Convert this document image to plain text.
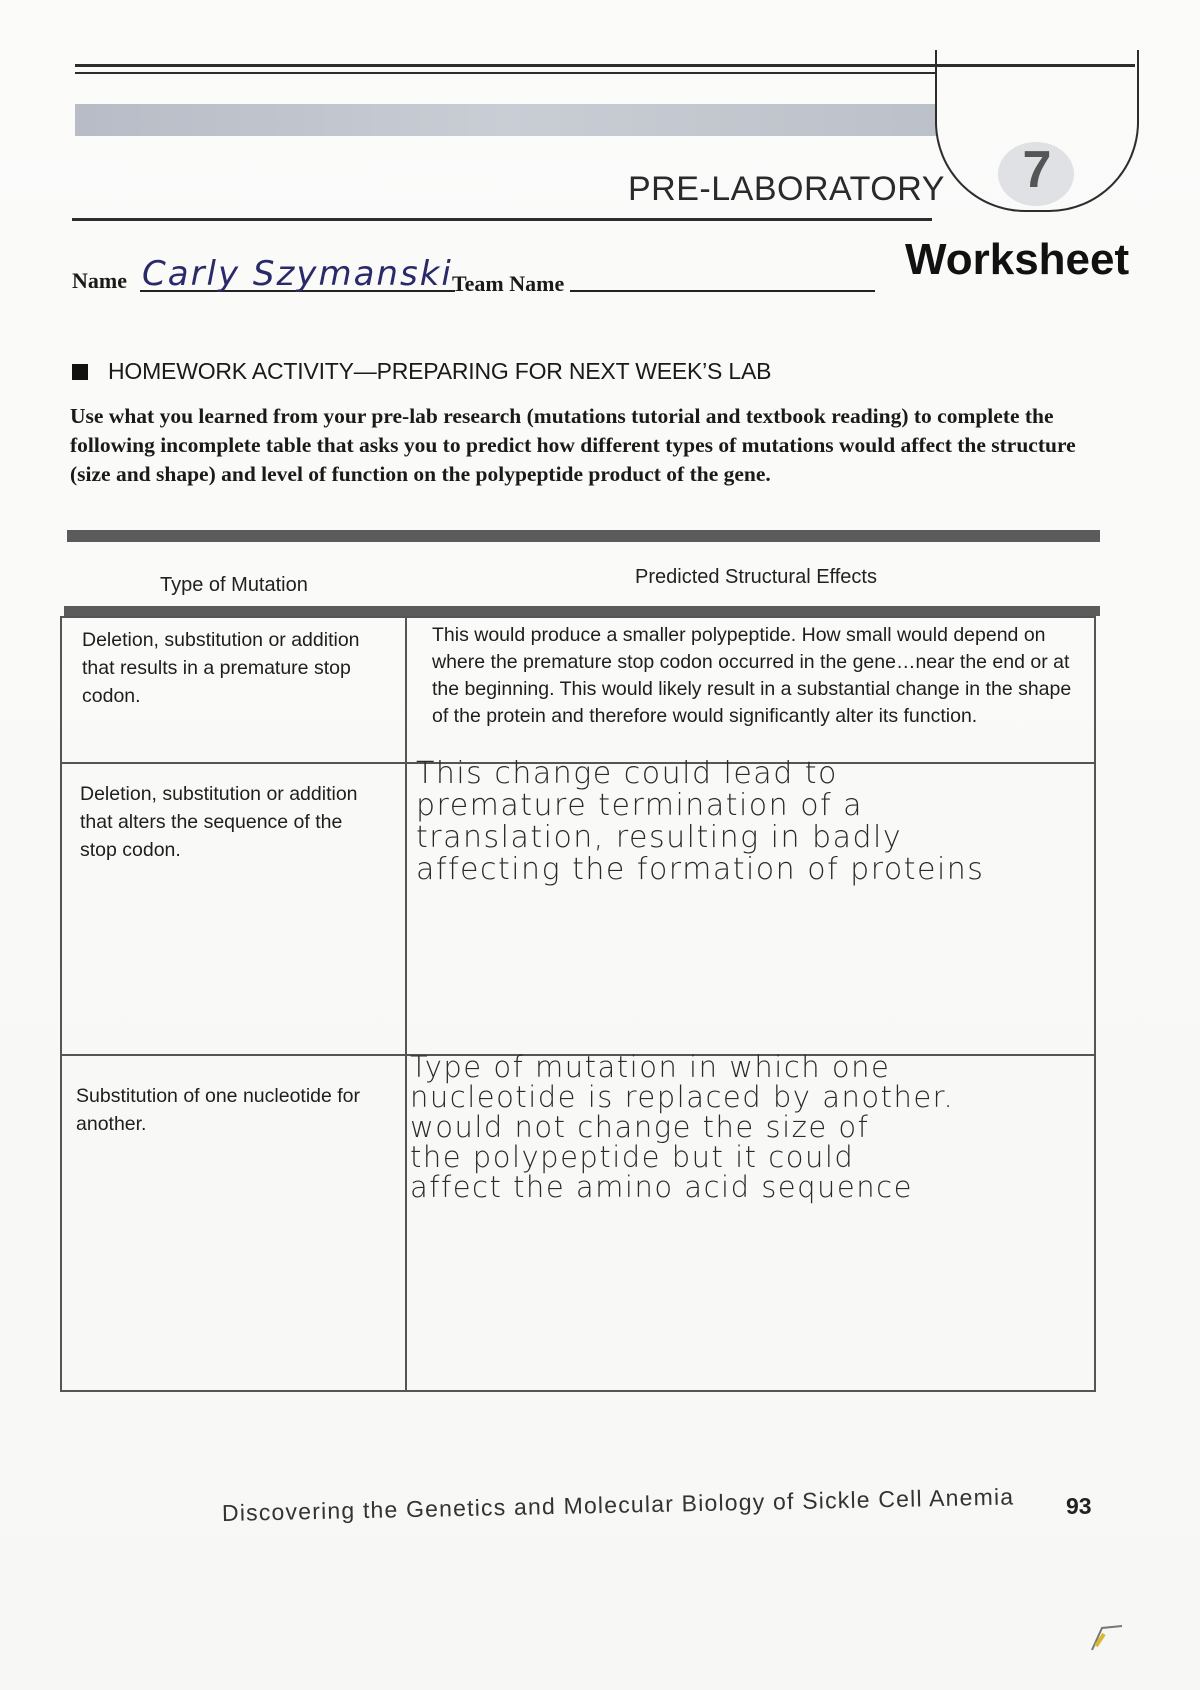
PRE-LABORATORY 7
Worksheet
Name Carly Szymanski Team Name
HOMEWORK ACTIVITY—PREPARING FOR NEXT WEEK’S LAB
Use what you learned from your pre-lab research (mutations tutorial and textbook reading) to complete the following incomplete table that asks you to predict how different types of mutations would affect the structure (size and shape) and level of function on the polypeptide product of the gene.
Type of Mutation	Predicted Structural Effects
Deletion, substitution or addition that results in a premature stop codon.
This would produce a smaller polypeptide. How small would depend on where the premature stop codon occurred in the gene…near the end or at the beginning. This would likely result in a substantial change in the shape of the protein and therefore would significantly alter its function.
Deletion, substitution or addition that alters the sequence of the stop codon.
This change could lead to
premature termination of a
translation, resulting in badly
affecting the formation of proteins
Substitution of one nucleotide for another.
Type of mutation in which one
nucleotide is replaced by another.
would not change the size of
the polypeptide but it could
affect the amino acid sequence
Discovering the Genetics and Molecular Biology of Sickle Cell Anemia 93
